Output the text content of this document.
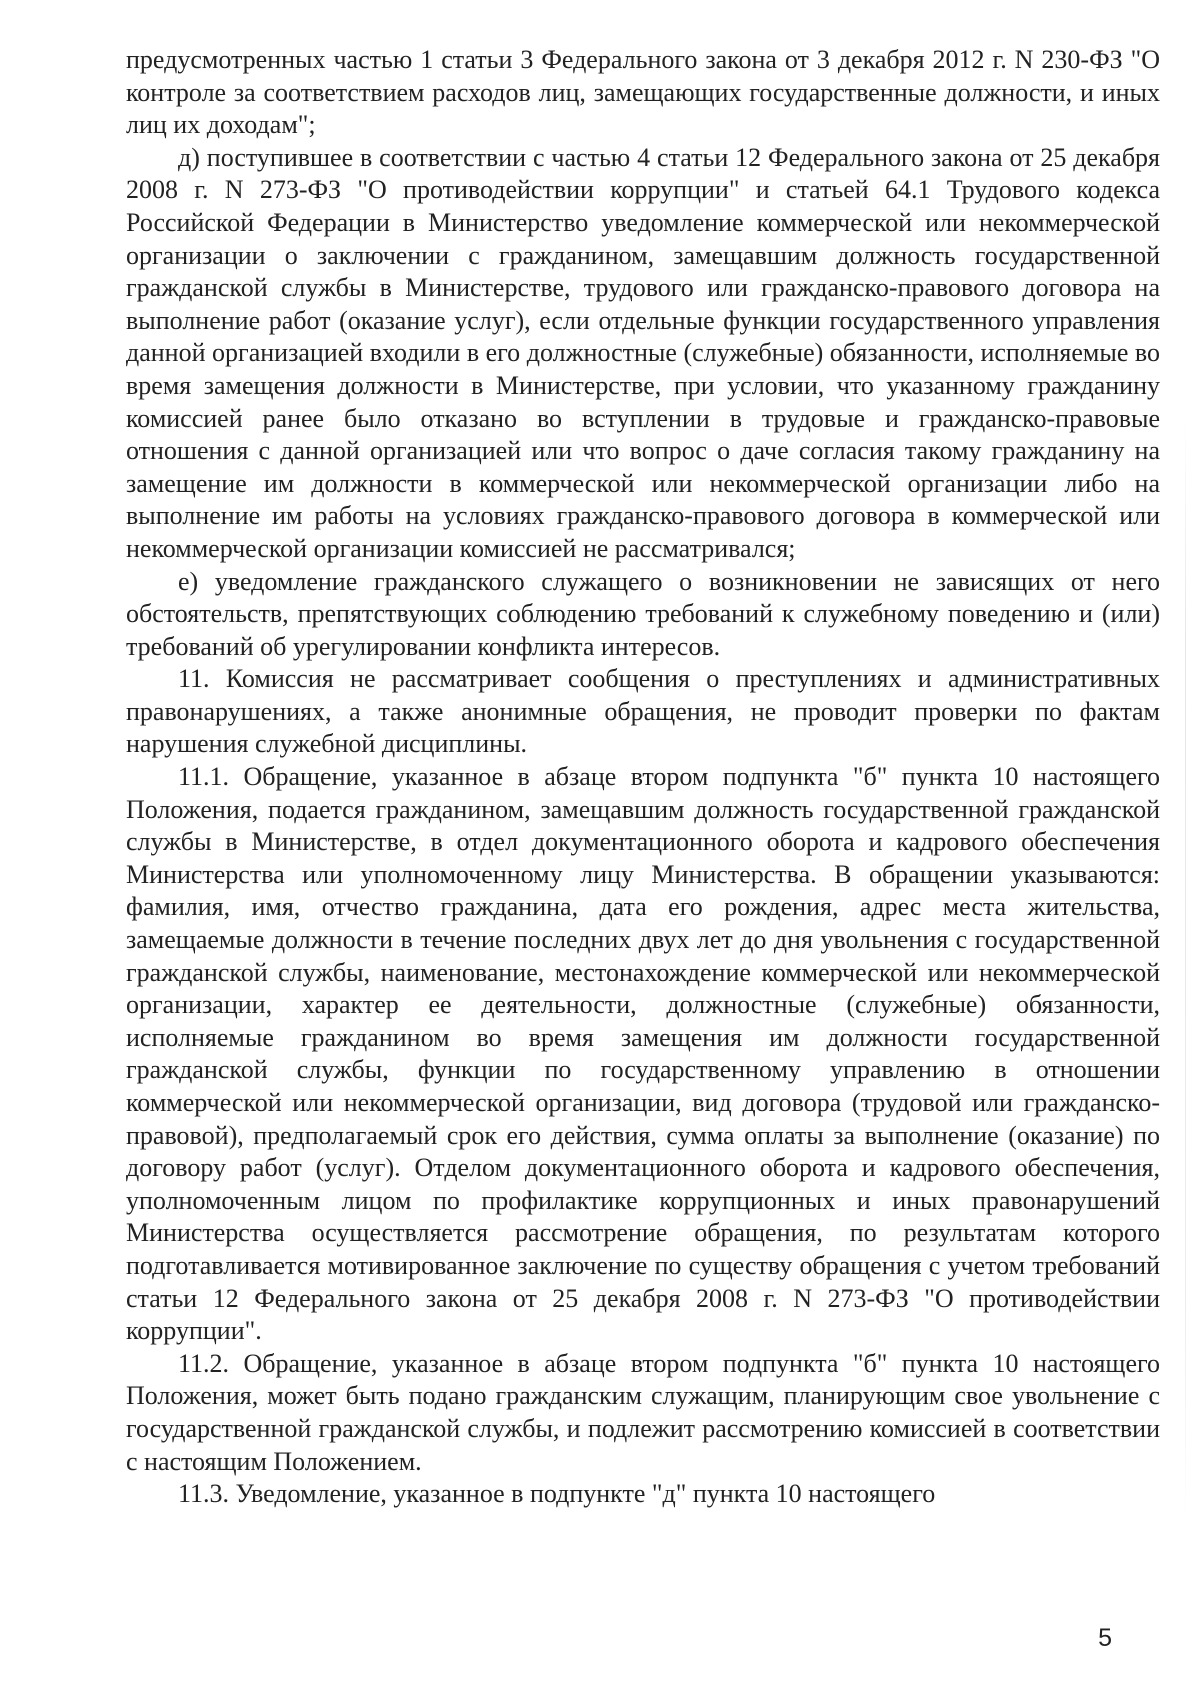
предусмотренных частью 1 статьи 3 Федерального закона от 3 декабря 2012 г. N 230-ФЗ "О контроле за соответствием расходов лиц, замещающих государственные должности, и иных лиц их доходам";

д) поступившее в соответствии с частью 4 статьи 12 Федерального закона от 25 декабря 2008 г. N 273-ФЗ "О противодействии коррупции" и статьей 64.1 Трудового кодекса Российской Федерации в Министерство уведомление коммерческой или некоммерческой организации о заключении с гражданином, замещавшим должность государственной гражданской службы в Министерстве, трудового или гражданско-правового договора на выполнение работ (оказание услуг), если отдельные функции государственного управления данной организацией входили в его должностные (служебные) обязанности, исполняемые во время замещения должности в Министерстве, при условии, что указанному гражданину комиссией ранее было отказано во вступлении в трудовые и гражданско-правовые отношения с данной организацией или что вопрос о даче согласия такому гражданину на замещение им должности в коммерческой или некоммерческой организации либо на выполнение им работы на условиях гражданско-правового договора в коммерческой или некоммерческой организации комиссией не рассматривался;

е) уведомление гражданского служащего о возникновении не зависящих от него обстоятельств, препятствующих соблюдению требований к служебному поведению и (или) требований об урегулировании конфликта интересов.

11. Комиссия не рассматривает сообщения о преступлениях и административных правонарушениях, а также анонимные обращения, не проводит проверки по фактам нарушения служебной дисциплины.

11.1. Обращение, указанное в абзаце втором подпункта "б" пункта 10 настоящего Положения, подается гражданином, замещавшим должность государственной гражданской службы в Министерстве, в отдел документационного оборота и кадрового обеспечения Министерства или уполномоченному лицу Министерства. В обращении указываются: фамилия, имя, отчество гражданина, дата его рождения, адрес места жительства, замещаемые должности в течение последних двух лет до дня увольнения с государственной гражданской службы, наименование, местонахождение коммерческой или некоммерческой организации, характер ее деятельности, должностные (служебные) обязанности, исполняемые гражданином во время замещения им должности государственной гражданской службы, функции по государственному управлению в отношении коммерческой или некоммерческой организации, вид договора (трудовой или гражданско-правовой), предполагаемый срок его действия, сумма оплаты за выполнение (оказание) по договору работ (услуг). Отделом документационного оборота и кадрового обеспечения, уполномоченным лицом по профилактике коррупционных и иных правонарушений Министерства осуществляется рассмотрение обращения, по результатам которого подготавливается мотивированное заключение по существу обращения с учетом требований статьи 12 Федерального закона от 25 декабря 2008 г. N 273-ФЗ "О противодействии коррупции".

11.2. Обращение, указанное в абзаце втором подпункта "б" пункта 10 настоящего Положения, может быть подано гражданским служащим, планирующим свое увольнение с государственной гражданской службы, и подлежит рассмотрению комиссией в соответствии с настоящим Положением.

11.3. Уведомление, указанное в подпункте "д" пункта 10 настоящего

5
